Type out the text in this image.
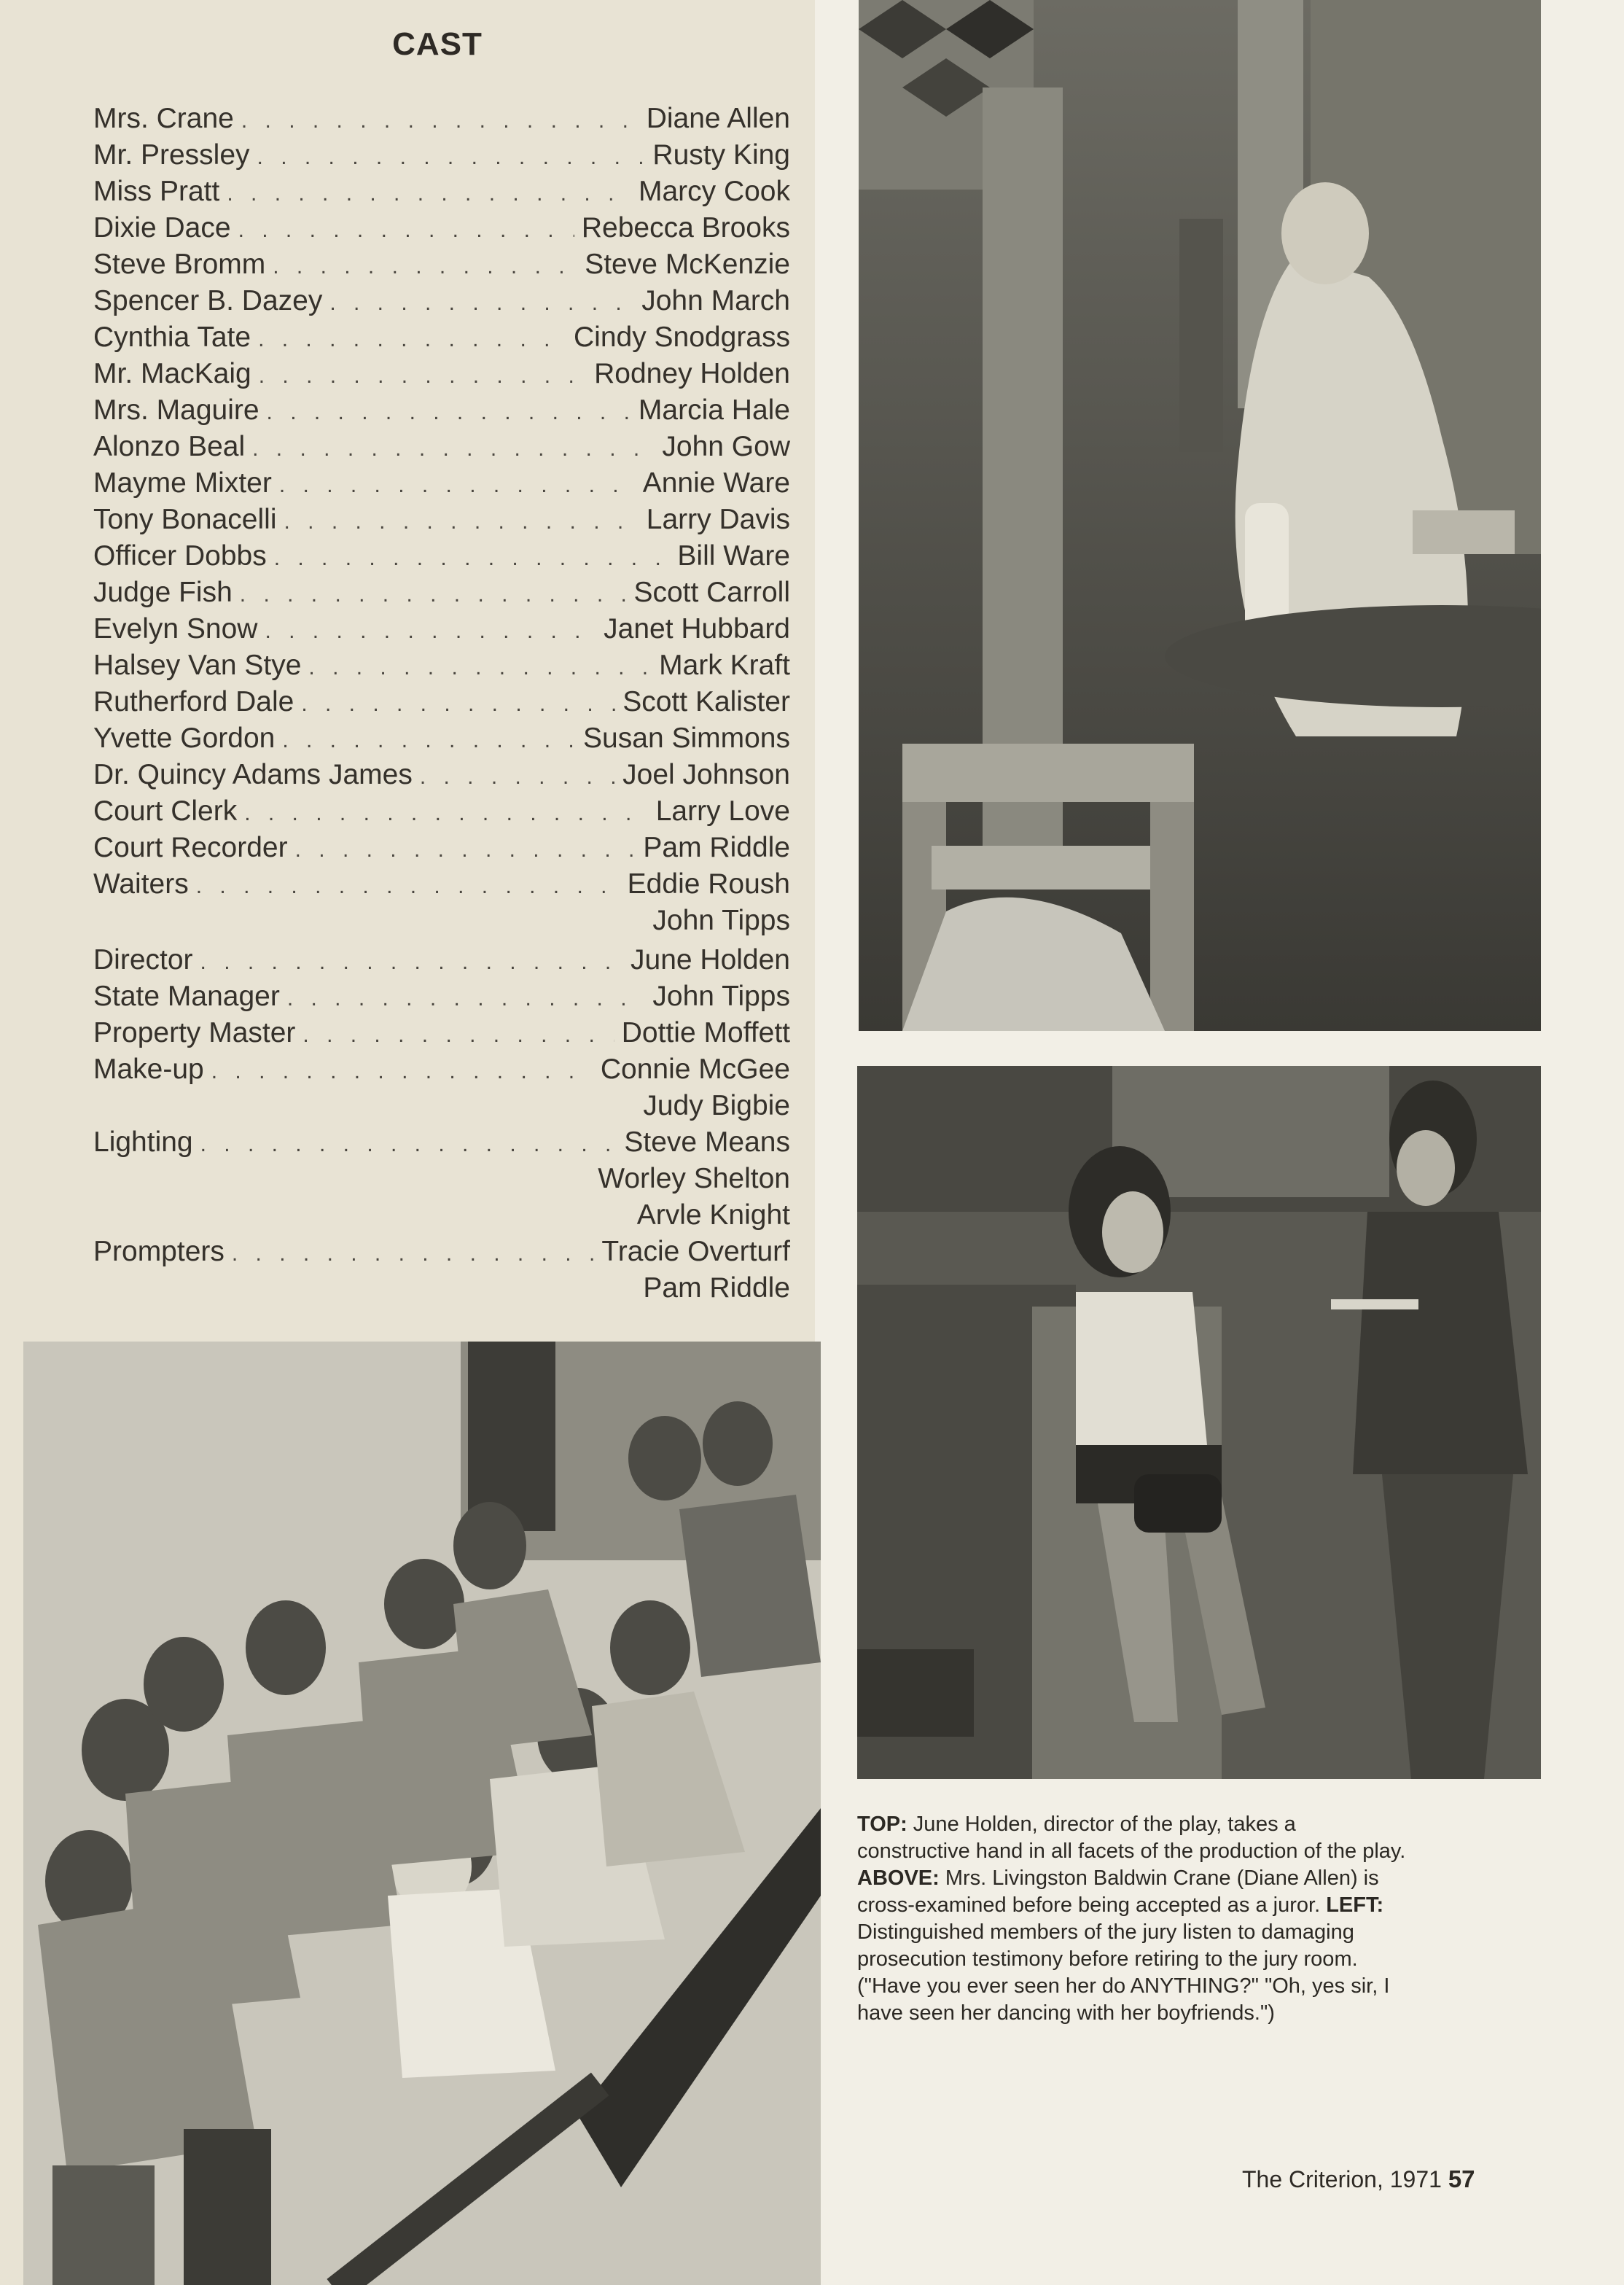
CAST
Mrs. Crane . . .	Diane Allen
Mr. Pressley . . .	Rusty King
Miss Pratt . . .	Marcy Cook
Dixie Dace . . .	Rebecca Brooks
Steve Bromm . . .	Steve McKenzie
Spencer B. Dazey . . .	John March
Cynthia Tate . . .	Cindy Snodgrass
Mr. MacKaig . . .	Rodney Holden
Mrs. Maguire . . .	Marcia Hale
Alonzo Beal . . .	John Gow
Mayme Mixter . . .	Annie Ware
Tony Bonacelli . . .	Larry Davis
Officer Dobbs . . .	Bill Ware
Judge Fish . . .	Scott Carroll
Evelyn Snow . . .	Janet Hubbard
Halsey Van Stye . . .	Mark Kraft
Rutherford Dale . . .	Scott Kalister
Yvette Gordon . . .	Susan Simmons
Dr. Quincy Adams James . . .	Joel Johnson
Court Clerk . . .	Larry Love
Court Recorder . . .	Pam Riddle
Waiters . . .	Eddie Roush
John Tipps
Director . . .	June Holden
State Manager . . .	John Tipps
Property Master . . .	Dottie Moffett
Make-up . . .	Connie McGee
Judy Bigbie
Lighting . . .	Steve Means
Worley Shelton
Arvle Knight
Prompters . . .	Tracie Overturf
Pam Riddle
TOP: June Holden, director of the play, takes a constructive hand in all facets of the production of the play. ABOVE: Mrs. Livingston Baldwin Crane (Diane Allen) is cross-examined before being accepted as a juror. LEFT: Distinguished members of the jury listen to damaging prosecution testimony before retiring to the jury room. ("Have you ever seen her do ANYTHING?" "Oh, yes sir, I have seen her dancing with her boyfriends.")
The Criterion, 1971 57
